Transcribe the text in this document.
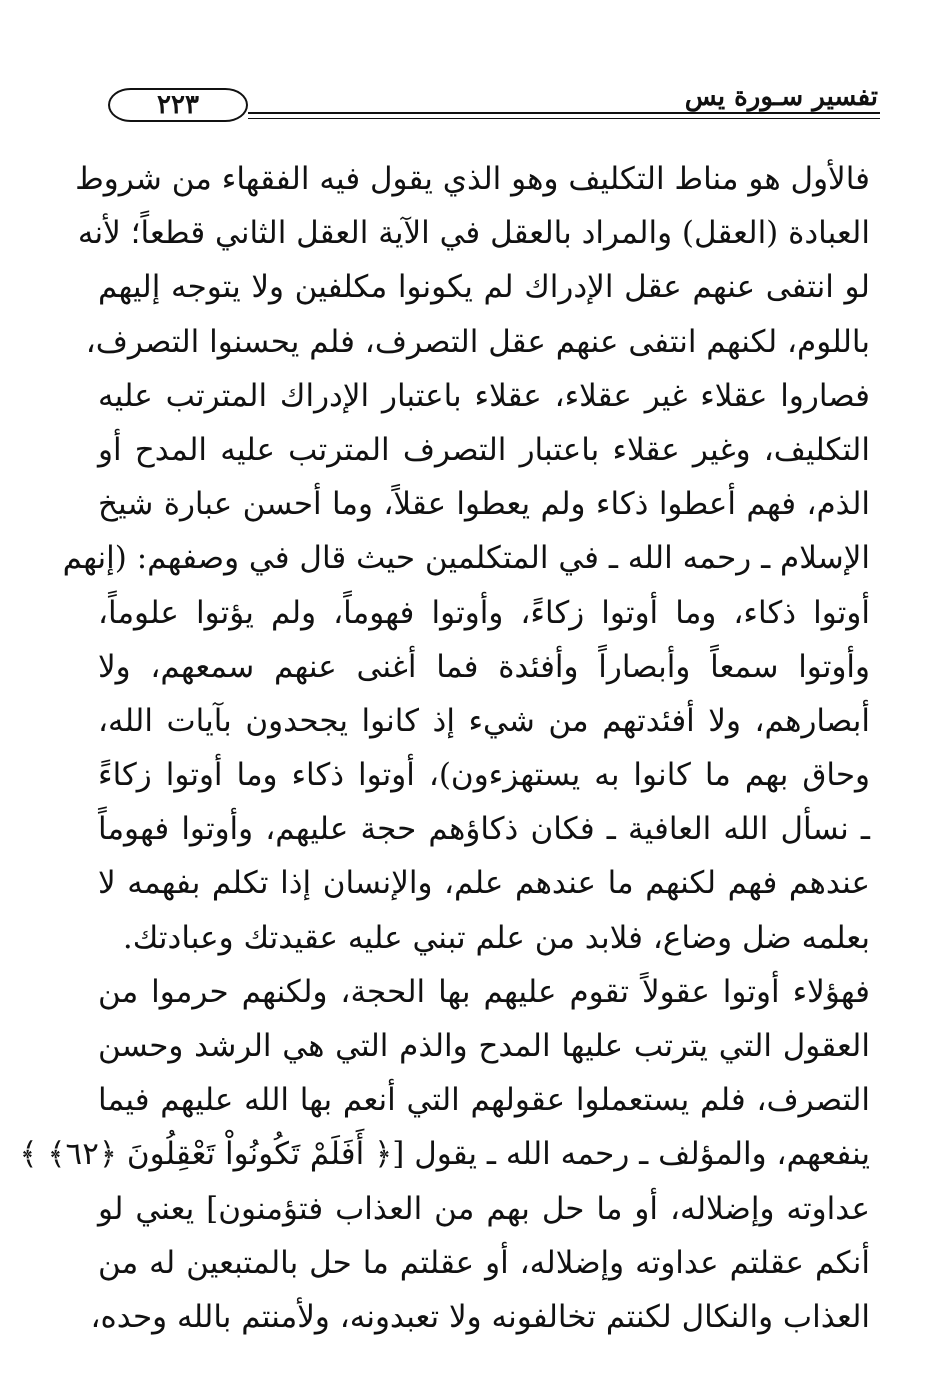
٢٢٣	تفسير سـورة يس
فالأول هو مناط التكليف وهو الذي يقول فيه الفقهاء من شروط
العبادة (العقل) والمراد بالعقل في الآية العقل الثاني قطعاً؛ لأنه
لو انتفى عنهم عقل الإدراك لم يكونوا مكلفين ولا يتوجه إليهم
باللوم، لكنهم انتفى عنهم عقل التصرف، فلم يحسنوا التصرف،
فصاروا عقلاء غير عقلاء، عقلاء باعتبار الإدراك المترتب عليه
التكليف، وغير عقلاء باعتبار التصرف المترتب عليه المدح أو
الذم، فهم أعطوا ذكاء ولم يعطوا عقلاً، وما أحسن عبارة شيخ
الإسلام ـ رحمه الله ـ في المتكلمين حيث قال في وصفهم: (إنهم
أوتوا ذكاء، وما أوتوا زكاءً، وأوتوا فهوماً، ولم يؤتوا علوماً،
وأوتوا سمعاً وأبصاراً وأفئدة فما أغنى عنهم سمعهم، ولا
أبصارهم، ولا أفئدتهم من شيء إذ كانوا يجحدون بآيات الله،
وحاق بهم ما كانوا به يستهزءون)، أوتوا ذكاء وما أوتوا زكاءً
ـ نسأل الله العافية ـ فكان ذكاؤهم حجة عليهم، وأوتوا فهوماً
عندهم فهم لكنهم ما عندهم علم، والإنسان إذا تكلم بفهمه لا
بعلمه ضل وضاع، فلابد من علم تبني عليه عقيدتك وعبادتك.
فهؤلاء أوتوا عقولاً تقوم عليهم بها الحجة، ولكنهم حرموا من
العقول التي يترتب عليها المدح والذم التي هي الرشد وحسن
التصرف، فلم يستعملوا عقولهم التي أنعم بها الله عليهم فيما
ينفعهم، والمؤلف ـ رحمه الله ـ يقول [﴿ أَفَلَمْ تَكُونُواْ تَعْقِلُونَ ﴿٦٢﴾ ﴾
عداوته وإضلاله، أو ما حل بهم من العذاب فتؤمنون] يعني لو
أنكم عقلتم عداوته وإضلاله، أو عقلتم ما حل بالمتبعين له من
العذاب والنكال لكنتم تخالفونه ولا تعبدونه، ولأمنتم بالله وحده،
